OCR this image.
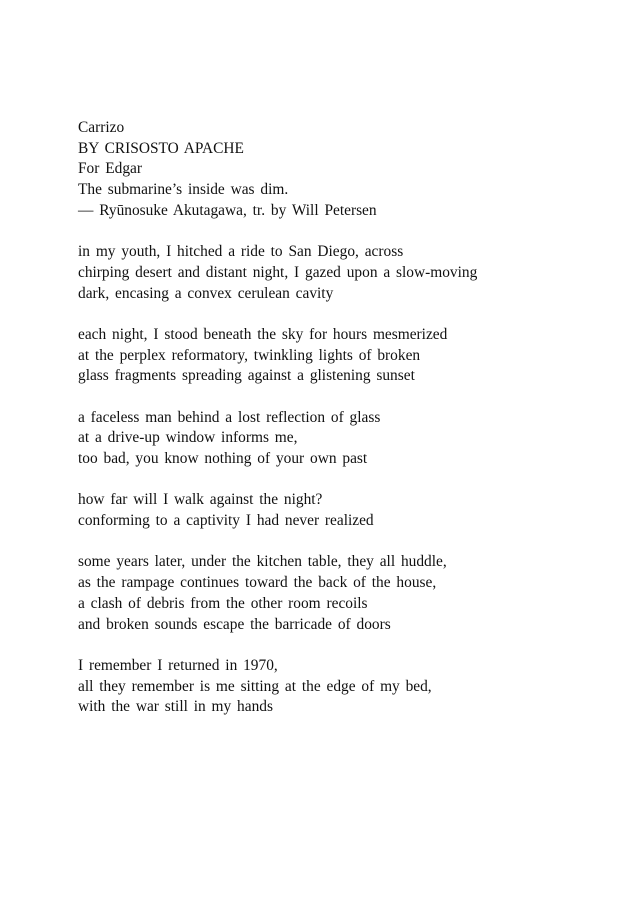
Carrizo
BY CRISOSTO APACHE
For Edgar
The submarine’s inside was dim.
— Ryūnosuke Akutagawa, tr. by Will Petersen
in my youth, I hitched a ride to San Diego, across
chirping desert and distant night, I gazed upon a slow-moving
dark, encasing a convex cerulean cavity
each night, I stood beneath the sky for hours mesmerized
at the perplex reformatory, twinkling lights of broken
glass fragments spreading against a glistening sunset
a faceless man behind a lost reflection of glass
at a drive-up window informs me,
too bad, you know nothing of your own past
how far will I walk against the night?
conforming to a captivity I had never realized
some years later, under the kitchen table, they all huddle,
as the rampage continues toward the back of the house,
a clash of debris from the other room recoils
and broken sounds escape the barricade of doors
I remember I returned in 1970,
all they remember is me sitting at the edge of my bed,
with the war still in my hands
